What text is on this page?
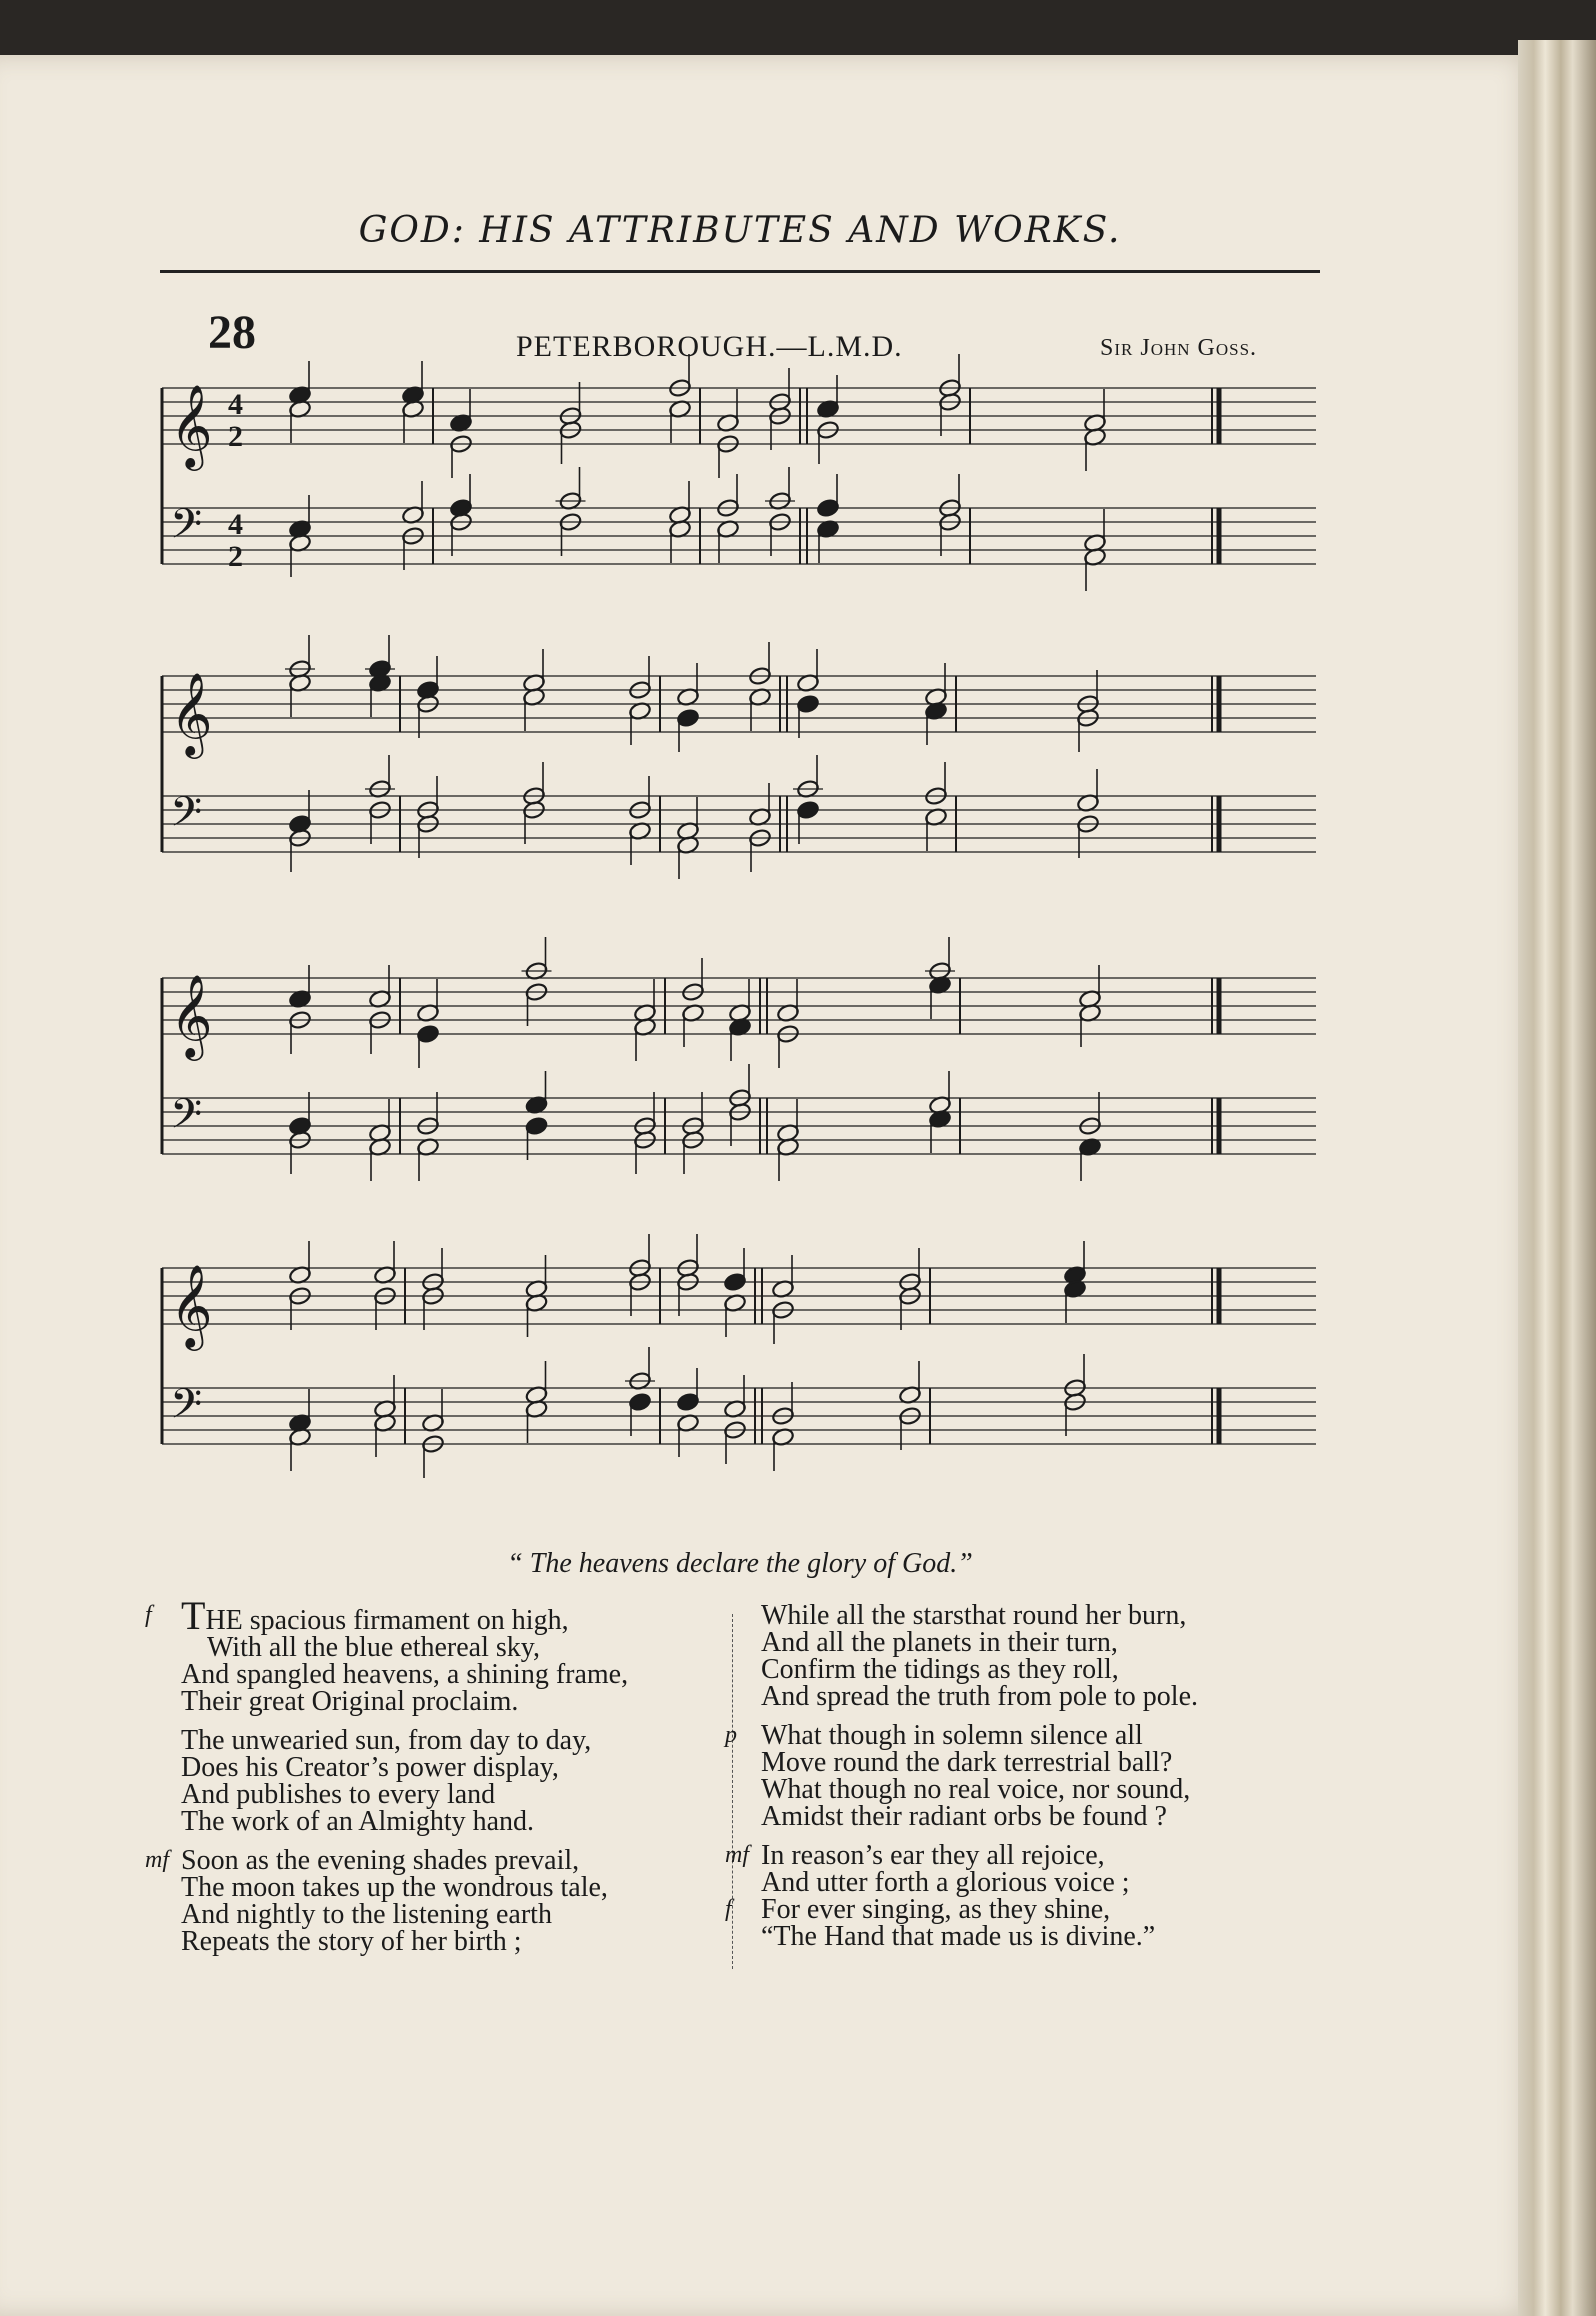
GOD: HIS ATTRIBUTES AND WORKS.
28	PETERBOROUGH.—L.M.D.	Sir John Goss.
𝄞
𝄢
4
2
4
2
𝄞
𝄢
𝄞
𝄢
𝄞
𝄢
“ The heavens declare the glory of God.”
f THE spacious firmament on high,
With all the blue ethereal sky,
And spangled heavens, a shining frame,
Their great Original proclaim.
The unwearied sun, from day to day,
Does his Creator’s power display,
And publishes to every land
The work of an Almighty hand.
mf Soon as the evening shades prevail,
The moon takes up the wondrous tale,
And nightly to the listening earth
Repeats the story of her birth ;
While all the starsthat round her burn,
And all the planets in their turn,
Confirm the tidings as they roll,
And spread the truth from pole to pole.
p What though in solemn silence all
Move round the dark terrestrial ball?
What though no real voice, nor sound,
Amidst their radiant orbs be found ?
mf In reason’s ear they all rejoice,
And utter forth a glorious voice ;
f For ever singing, as they shine,
“The Hand that made us is divine.”
